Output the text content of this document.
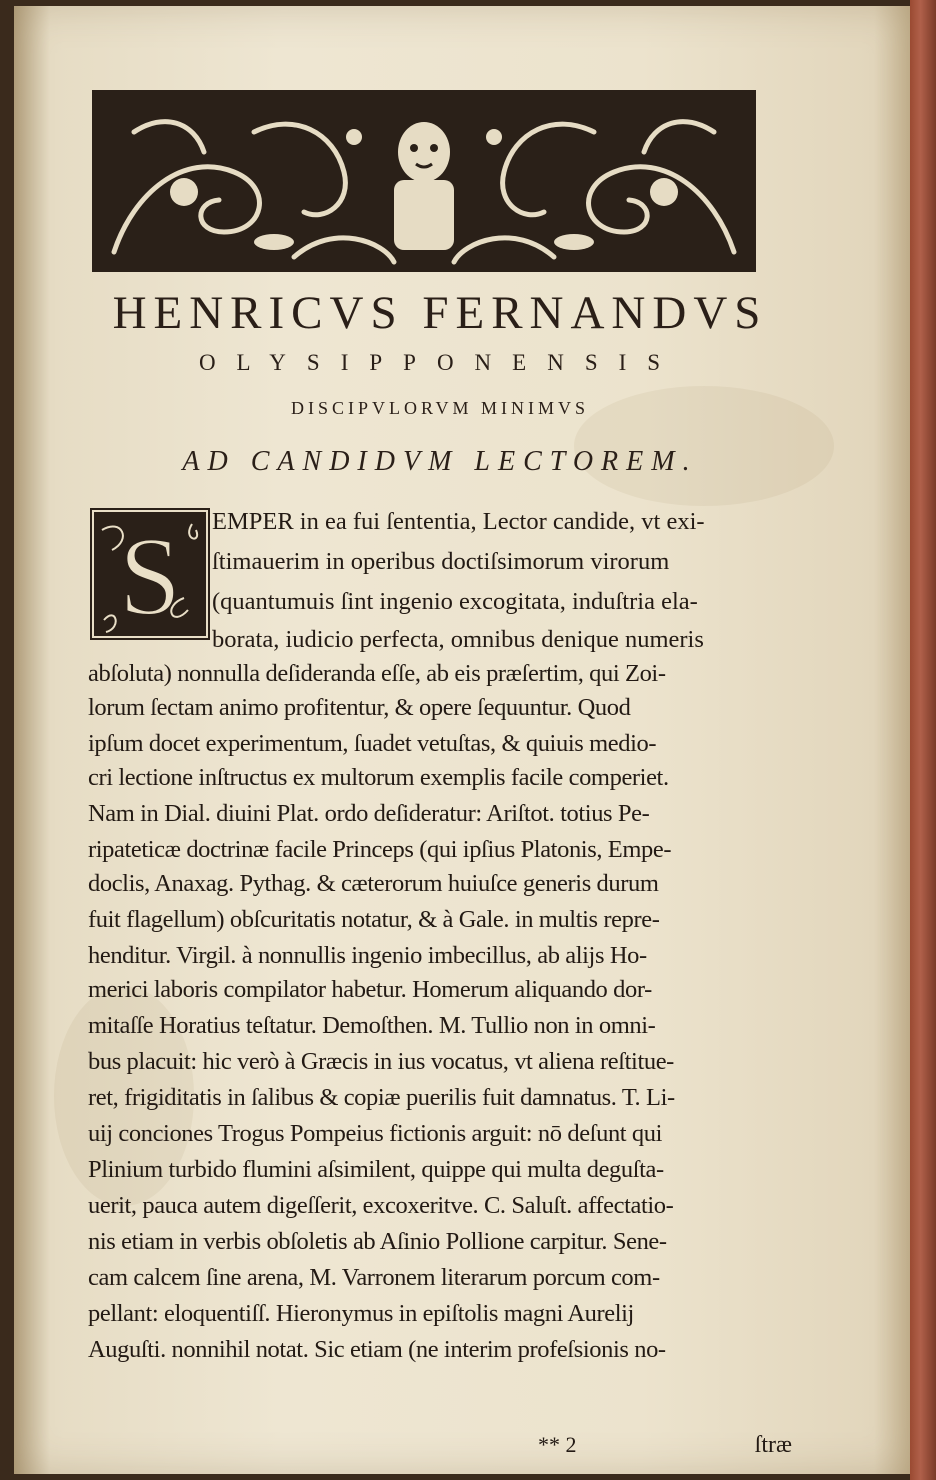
HENRICVS FERNANDVS
OLYSIPPONENSIS
DISCIPVLORVM MINIMVS
AD CANDIDVM LECTOREM.
S EMPER in ea fui ſententia, Lector candide, vt exi-
ſtimauerim in operibus doctiſsimorum virorum
(quantumuis ſint ingenio excogitata, induſtria ela-
borata, iudicio perfecta, omnibus denique numeris
abſoluta) nonnulla deſideranda eſſe, ab eis præſertim, qui Zoi-
lorum ſectam animo profitentur, & opere ſequuntur. Quod
ipſum docet experimentum, ſuadet vetuſtas, & quiuis medio-
cri lectione inſtructus ex multorum exemplis facile comperiet.
Nam in Dial. diuini Plat. ordo deſideratur: Ariſtot. totius Pe-
ripateticæ doctrinæ facile Princeps (qui ipſius Platonis, Empe-
doclis, Anaxag. Pythag. & cæterorum huiuſce generis durum
fuit flagellum) obſcuritatis notatur, & à Gale. in multis repre-
henditur. Virgil. à nonnullis ingenio imbecillus, ab alijs Ho-
merici laboris compilator habetur. Homerum aliquando dor-
mitaſſe Horatius teſtatur. Demoſthen. M. Tullio non in omni-
bus placuit: hic verò à Græcis in ius vocatus, vt aliena reſtitue-
ret, frigiditatis in ſalibus & copiæ puerilis fuit damnatus. T. Li-
uij conciones Trogus Pompeius fictionis arguit: nō deſunt qui
Plinium turbido flumini aſsimilent, quippe qui multa deguſta-
uerit, pauca autem digeſſerit, excoxeritve. C. Saluſt. affectatio-
nis etiam in verbis obſoletis ab Aſinio Pollione carpitur. Sene-
cam calcem ſine arena, M. Varronem literarum porcum com-
pellant: eloquentiſſ. Hieronymus in epiſtolis magni Aurelij
Auguſti. nonnihil notat. Sic etiam (ne interim profeſsionis no-
** 2	ſtræ
